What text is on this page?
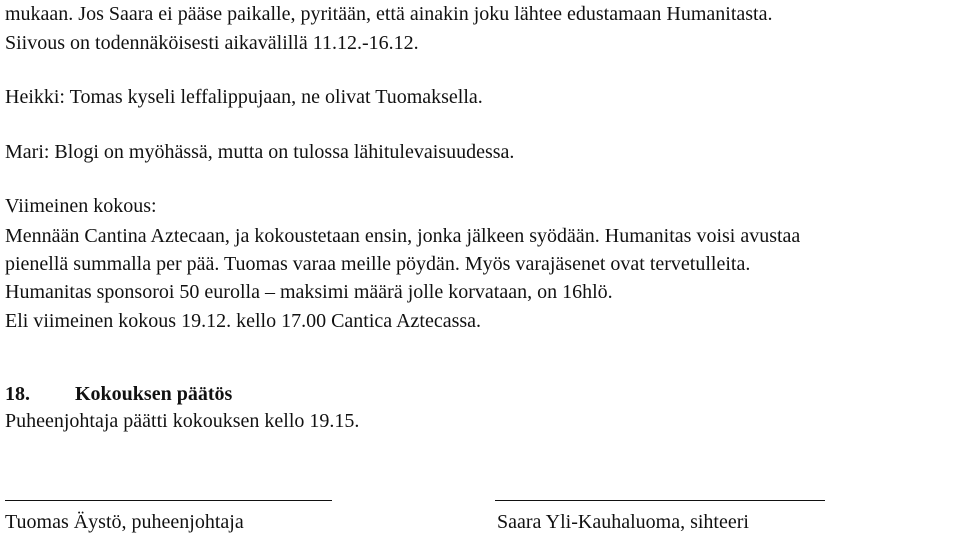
mukaan. Jos Saara ei pääse paikalle, pyritään, että ainakin joku lähtee edustamaan Humanitasta.
Siivous on todennäköisesti aikavälillä 11.12.-16.12.
Heikki: Tomas kyseli leffalippujaan, ne olivat Tuomaksella.
Mari: Blogi on myöhässä, mutta on tulossa lähitulevaisuudessa.
Viimeinen kokous:
Mennään Cantina Aztecaan, ja kokoustetaan ensin, jonka jälkeen syödään. Humanitas voisi avustaa
pienellä summalla per pää. Tuomas varaa meille pöydän. Myös varajäsenet ovat tervetulleita.
Humanitas sponsoroi 50 eurolla – maksimi määrä jolle korvataan, on 16hlö.
Eli viimeinen kokous 19.12. kello 17.00 Cantica Aztecassa.
18. Kokouksen päätös
Puheenjohtaja päätti kokouksen kello 19.15.
Tuomas Äystö, puheenjohtaja	Saara Yli-Kauhaluoma, sihteeri
